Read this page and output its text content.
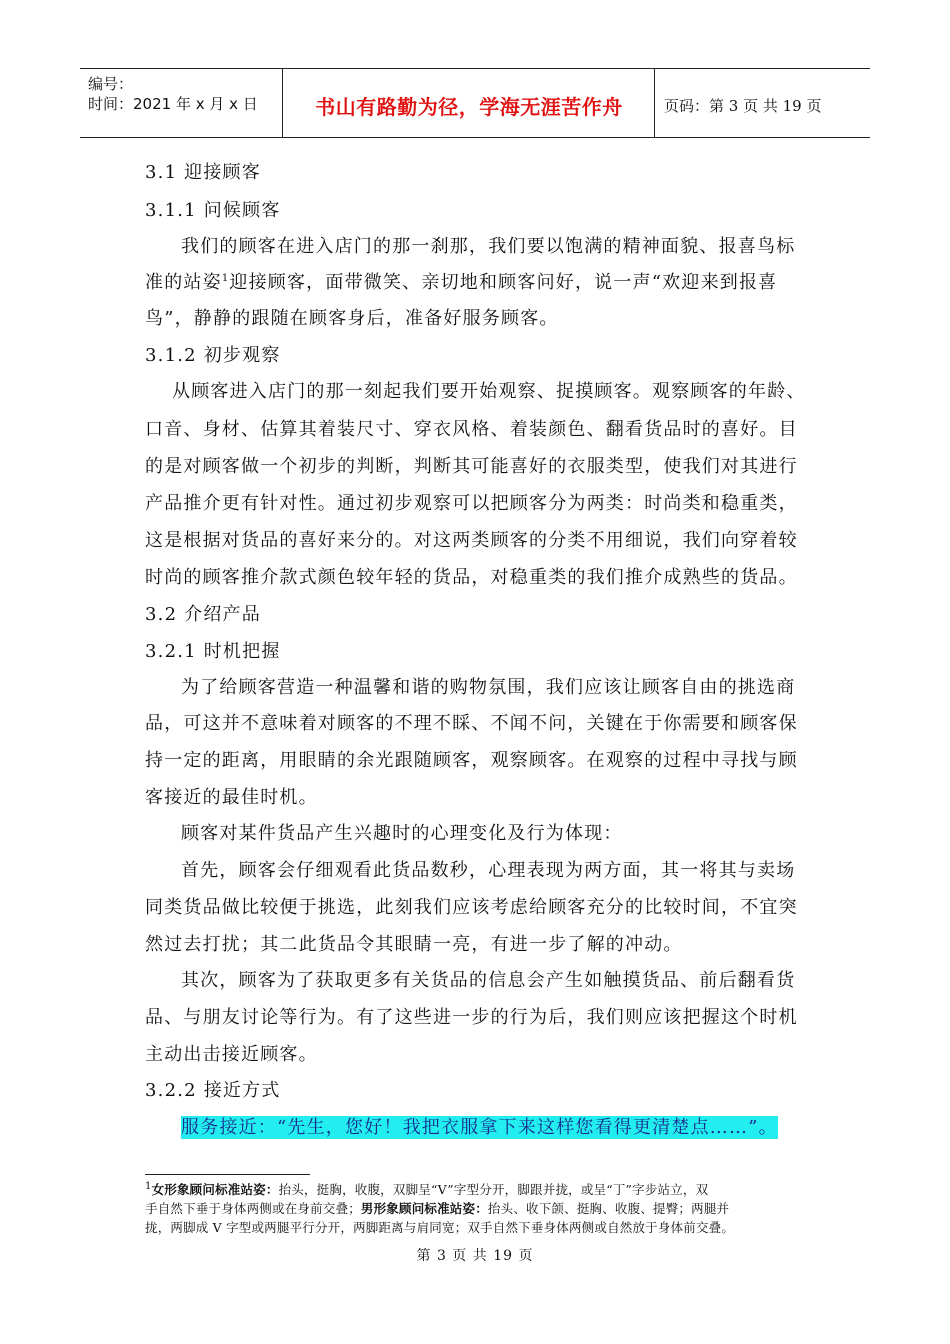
编号：
时间：2021 年 x 月 x 日	书山有路勤为径，学海无涯苦作舟	页码：第 3 页 共 19 页
3.1 迎接顾客
3.1.1 问候顾客
我们的顾客在进入店门的那一刹那，我们要以饱满的精神面貌、报喜鸟标
准的站姿$^1$迎接顾客，面带微笑、亲切地和顾客问好，说一声“欢迎来到报喜
鸟”，静静的跟随在顾客身后，准备好服务顾客。
3.1.2 初步观察
从顾客进入店门的那一刻起我们要开始观察、捉摸顾客。观察顾客的年龄、
口音、身材、估算其着装尺寸、穿衣风格、着装颜色、翻看货品时的喜好。目
的是对顾客做一个初步的判断，判断其可能喜好的衣服类型，使我们对其进行
产品推介更有针对性。通过初步观察可以把顾客分为两类：时尚类和稳重类，
这是根据对货品的喜好来分的。对这两类顾客的分类不用细说，我们向穿着较
时尚的顾客推介款式颜色较年轻的货品，对稳重类的我们推介成熟些的货品。
3.2 介绍产品
3.2.1 时机把握
为了给顾客营造一种温馨和谐的购物氛围，我们应该让顾客自由的挑选商
品，可这并不意味着对顾客的不理不睬、不闻不问，关键在于你需要和顾客保
持一定的距离，用眼睛的余光跟随顾客，观察顾客。在观察的过程中寻找与顾
客接近的最佳时机。
顾客对某件货品产生兴趣时的心理变化及行为体现：
首先，顾客会仔细观看此货品数秒，心理表现为两方面，其一将其与卖场
同类货品做比较便于挑选，此刻我们应该考虑给顾客充分的比较时间，不宜突
然过去打扰；其二此货品令其眼睛一亮，有进一步了解的冲动。
其次，顾客为了获取更多有关货品的信息会产生如触摸货品、前后翻看货
品、与朋友讨论等行为。有了这些进一步的行为后，我们则应该把握这个时机
主动出击接近顾客。
3.2.2 接近方式
服务接近：“先生，您好！我把衣服拿下来这样您看得更清楚点……”。
$^1$女形象顾问标准站姿：抬头，挺胸，收腹，双脚呈“V”字型分开，脚跟并拢，或呈“丁”字步站立，双
手自然下垂于身体两侧或在身前交叠；男形象顾问标准站姿：抬头、收下颌、挺胸、收腹、提臀；两腿并
拢，两脚成 V 字型或两腿平行分开，两脚距离与肩同宽；双手自然下垂身体两侧或自然放于身体前交叠。
第 3 页 共 19 页
